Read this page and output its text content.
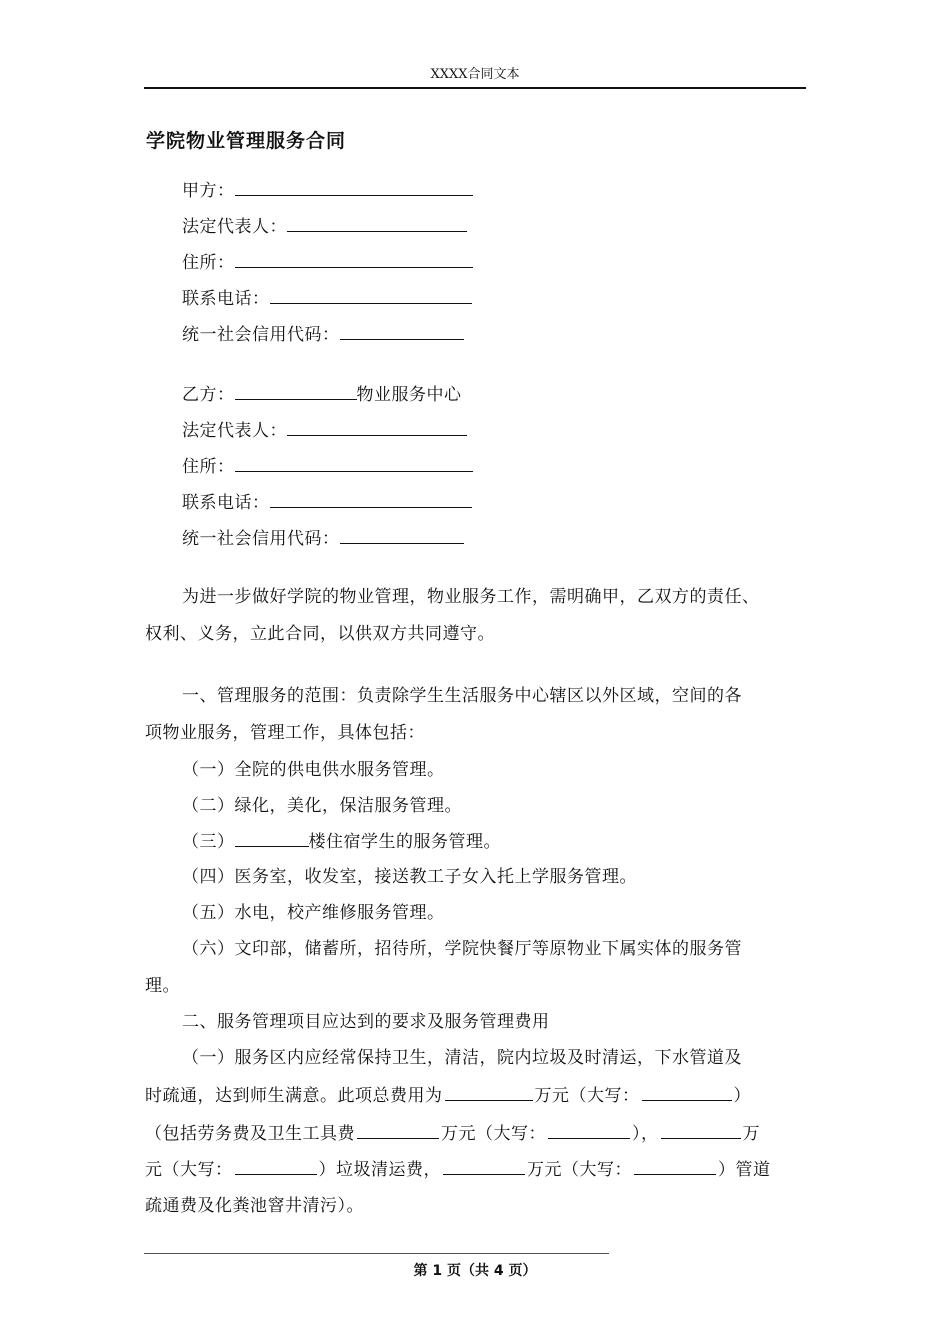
XXXX合同文本
学院物业管理服务合同
甲方：
法定代表人：
住所：
联系电话：
统一社会信用代码：
乙方：	物业服务中心
法定代表人：
住所：
联系电话：
统一社会信用代码：
为进一步做好学院的物业管理，物业服务工作，需明确甲，乙双方的责任、
权利、义务，立此合同，以供双方共同遵守。
一、管理服务的范围：负责除学生生活服务中心辖区以外区域，空间的各
项物业服务，管理工作，具体包括：
（一）全院的供电供水服务管理。
（二）绿化，美化，保洁服务管理。
（三）	楼住宿学生的服务管理。
（四）医务室，收发室，接送教工子女入托上学服务管理。
（五）水电，校产维修服务管理。
（六）文印部，储蓄所，招待所，学院快餐厅等原物业下属实体的服务管
理。
二、服务管理项目应达到的要求及服务管理费用
（一）服务区内应经常保持卫生，清洁，院内垃圾及时清运，下水管道及
时疏通，达到师生满意。此项总费用为	万元（大写：	）
（包括劳务费及卫生工具费	万元（大写：	），	万
元（大写：	）垃圾清运费，	万元（大写：	）管道
疏通费及化粪池窨井清污）。
第 1 页（共 4 页）
